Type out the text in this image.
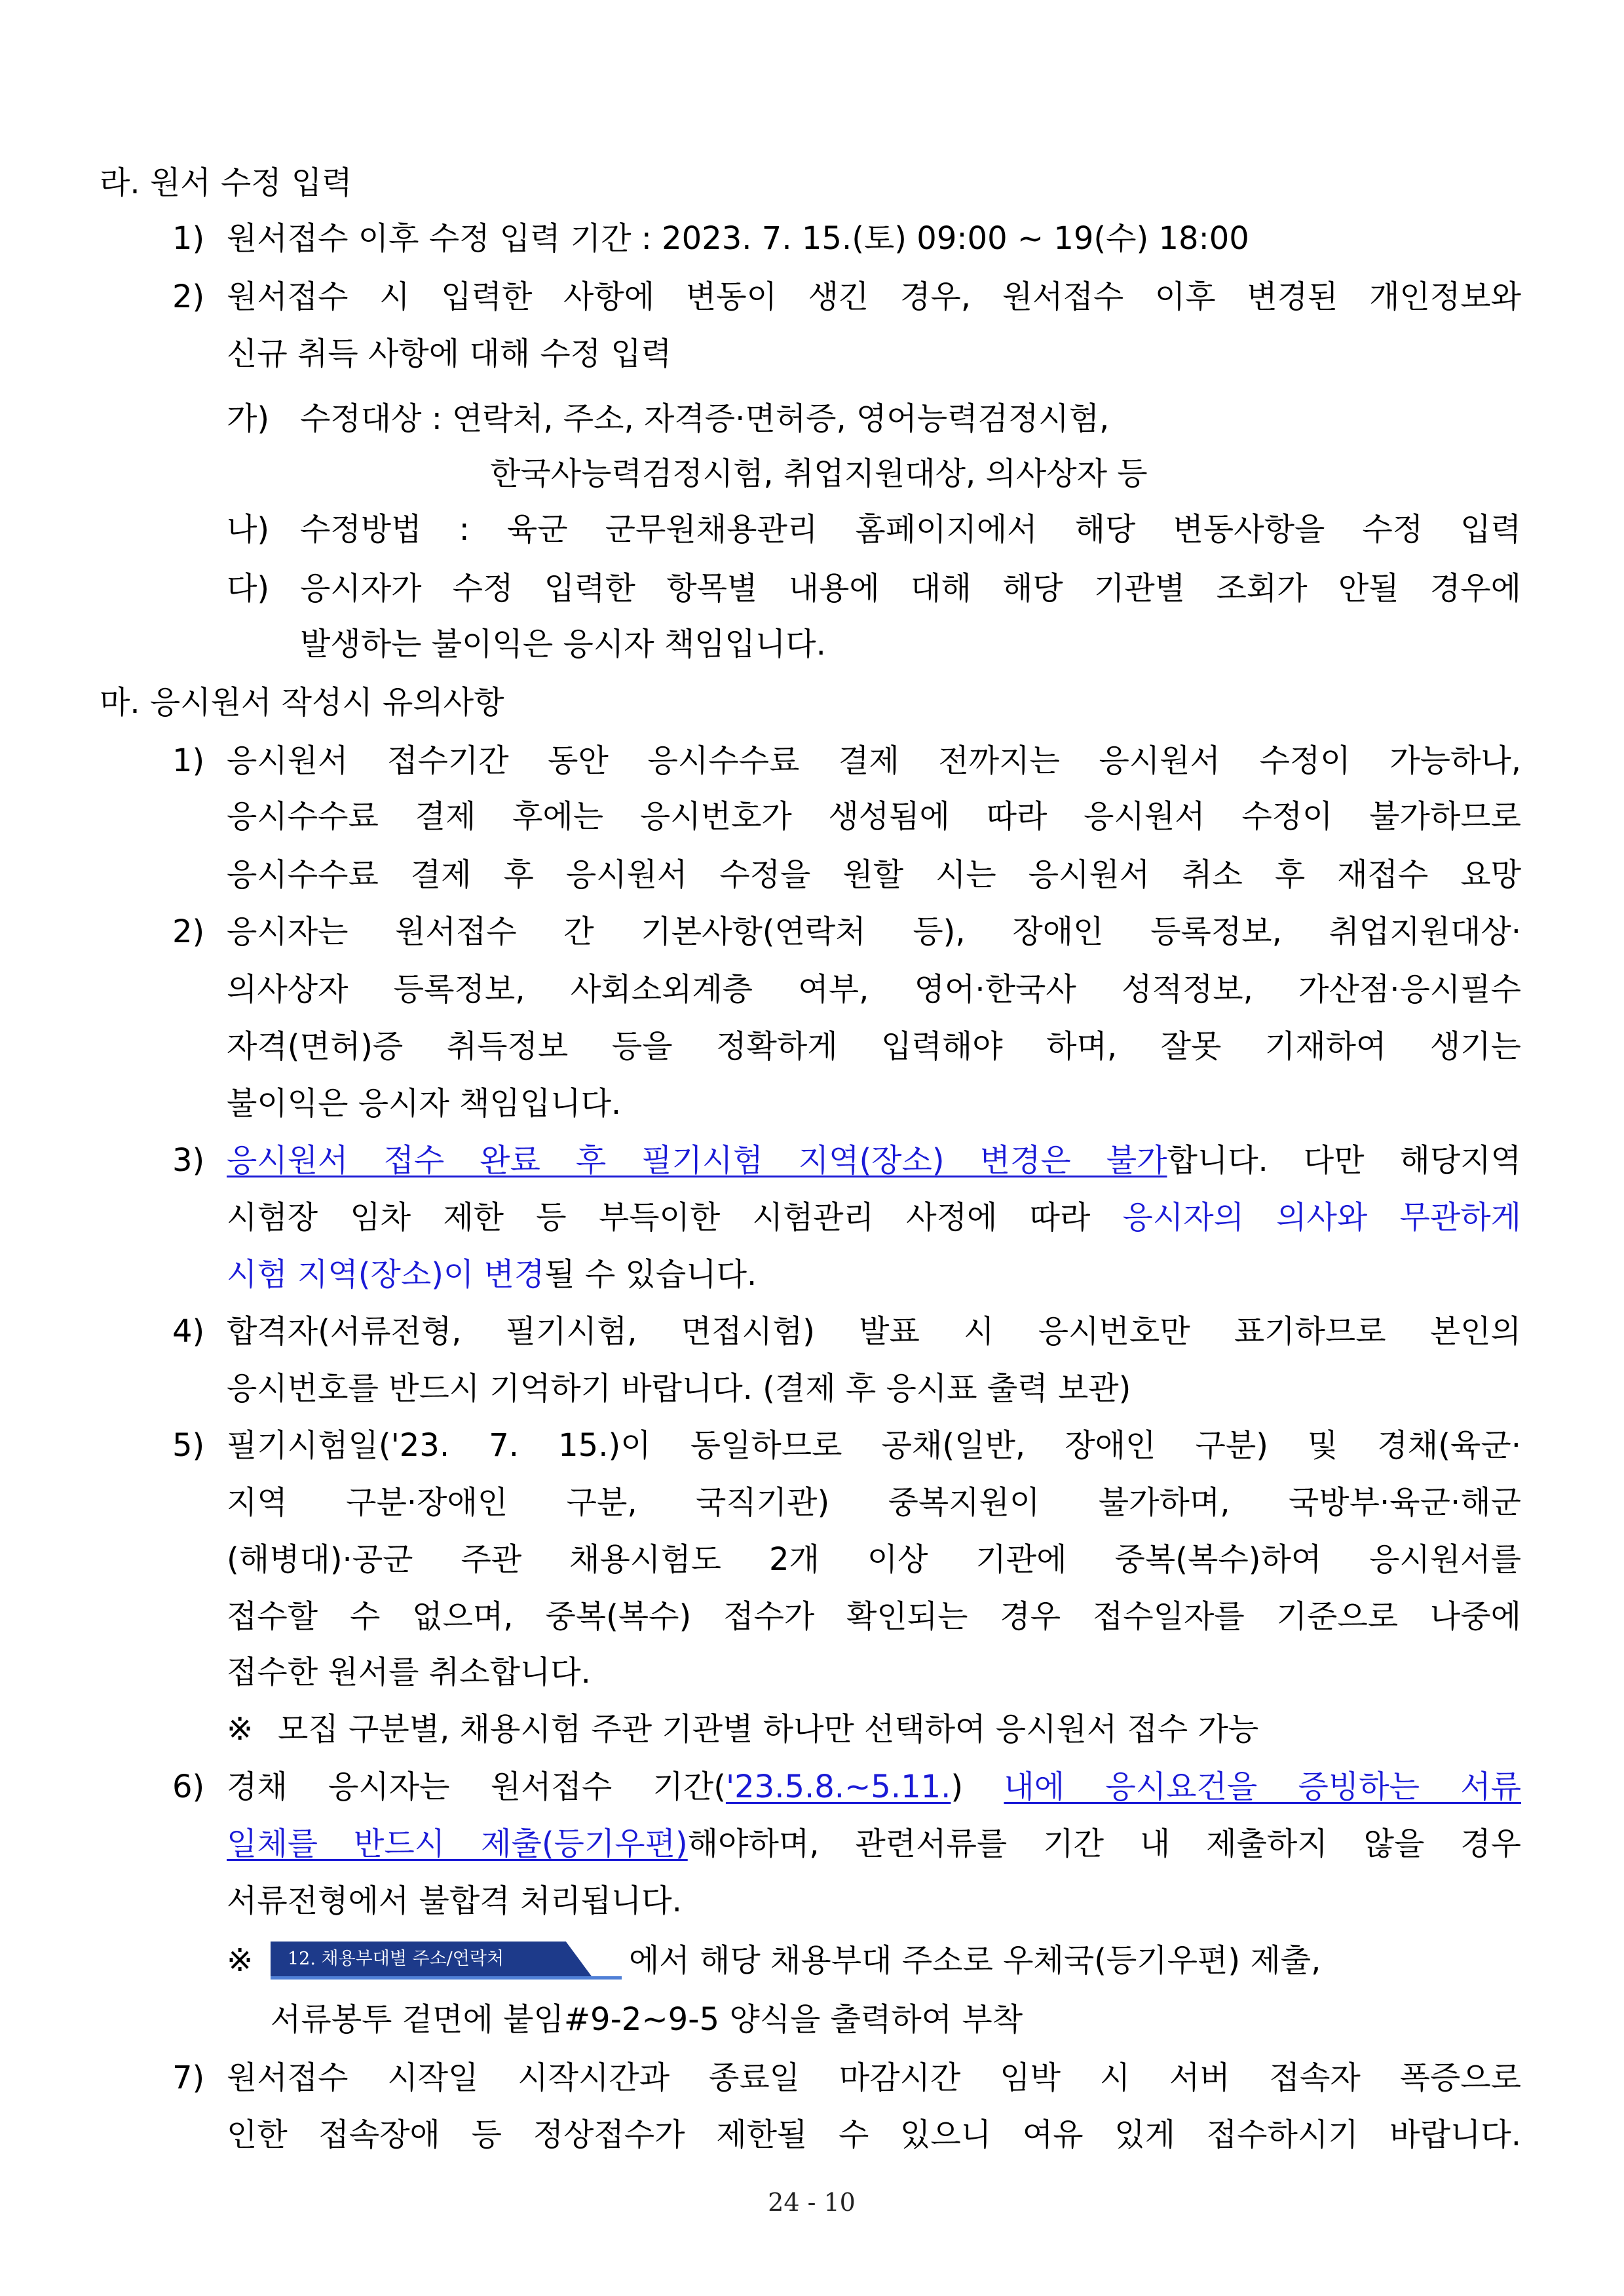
라. 원서 수정 입력
1) 원서접수 이후 수정 입력 기간 : 2023. 7. 15.(토) 09:00 ~ 19(수) 18:00
2) 원서접수 시 입력한 사항에 변동이 생긴 경우, 원서접수 이후 변경된 개인정보와
신규 취득 사항에 대해 수정 입력
가) 수정대상 : 연락처, 주소, 자격증·면허증, 영어능력검정시험,
한국사능력검정시험, 취업지원대상, 의사상자 등
나) 수정방법 : 육군 군무원채용관리 홈페이지에서 해당 변동사항을 수정 입력
다) 응시자가 수정 입력한 항목별 내용에 대해 해당 기관별 조회가 안될 경우에
발생하는 불이익은 응시자 책임입니다.
마. 응시원서 작성시 유의사항
1) 응시원서 접수기간 동안 응시수수료 결제 전까지는 응시원서 수정이 가능하나,
응시수수료 결제 후에는 응시번호가 생성됨에 따라 응시원서 수정이 불가하므로
응시수수료 결제 후 응시원서 수정을 원할 시는 응시원서 취소 후 재접수 요망
2) 응시자는 원서접수 간 기본사항(연락처 등), 장애인 등록정보, 취업지원대상·
의사상자 등록정보, 사회소외계층 여부, 영어·한국사 성적정보, 가산점·응시필수
자격(면허)증 취득정보 등을 정확하게 입력해야 하며, 잘못 기재하여 생기는
불이익은 응시자 책임입니다.
3) 응시원서 접수 완료 후 필기시험 지역(장소) 변경은 불가합니다. 다만 해당지역
시험장 임차 제한 등 부득이한 시험관리 사정에 따라 응시자의 의사와 무관하게
시험 지역(장소)이 변경될 수 있습니다.
4) 합격자(서류전형, 필기시험, 면접시험) 발표 시 응시번호만 표기하므로 본인의
응시번호를 반드시 기억하기 바랍니다. (결제 후 응시표 출력 보관)
5) 필기시험일('23. 7. 15.)이 동일하므로 공채(일반, 장애인 구분) 및 경채(육군·
지역 구분·장애인 구분, 국직기관) 중복지원이 불가하며, 국방부·육군·해군
(해병대)·공군 주관 채용시험도 2개 이상 기관에 중복(복수)하여 응시원서를
접수할 수 없으며, 중복(복수) 접수가 확인되는 경우 접수일자를 기준으로 나중에
접수한 원서를 취소합니다.
※ 모집 구분별, 채용시험 주관 기관별 하나만 선택하여 응시원서 접수 가능
6) 경채 응시자는 원서접수 기간('23.5.8.~5.11.) 내에 응시요건을 증빙하는 서류
일체를 반드시 제출(등기우편)해야하며, 관련서류를 기간 내 제출하지 않을 경우
서류전형에서 불합격 처리됩니다.
※ 12. 채용부대별 주소/연락처	에서 해당 채용부대 주소로 우체국(등기우편) 제출,
서류봉투 겉면에 붙임#9-2~9-5 양식을 출력하여 부착
7) 원서접수 시작일 시작시간과 종료일 마감시간 임박 시 서버 접속자 폭증으로
인한 접속장애 등 정상접수가 제한될 수 있으니 여유 있게 접수하시기 바랍니다.
24 - 10
